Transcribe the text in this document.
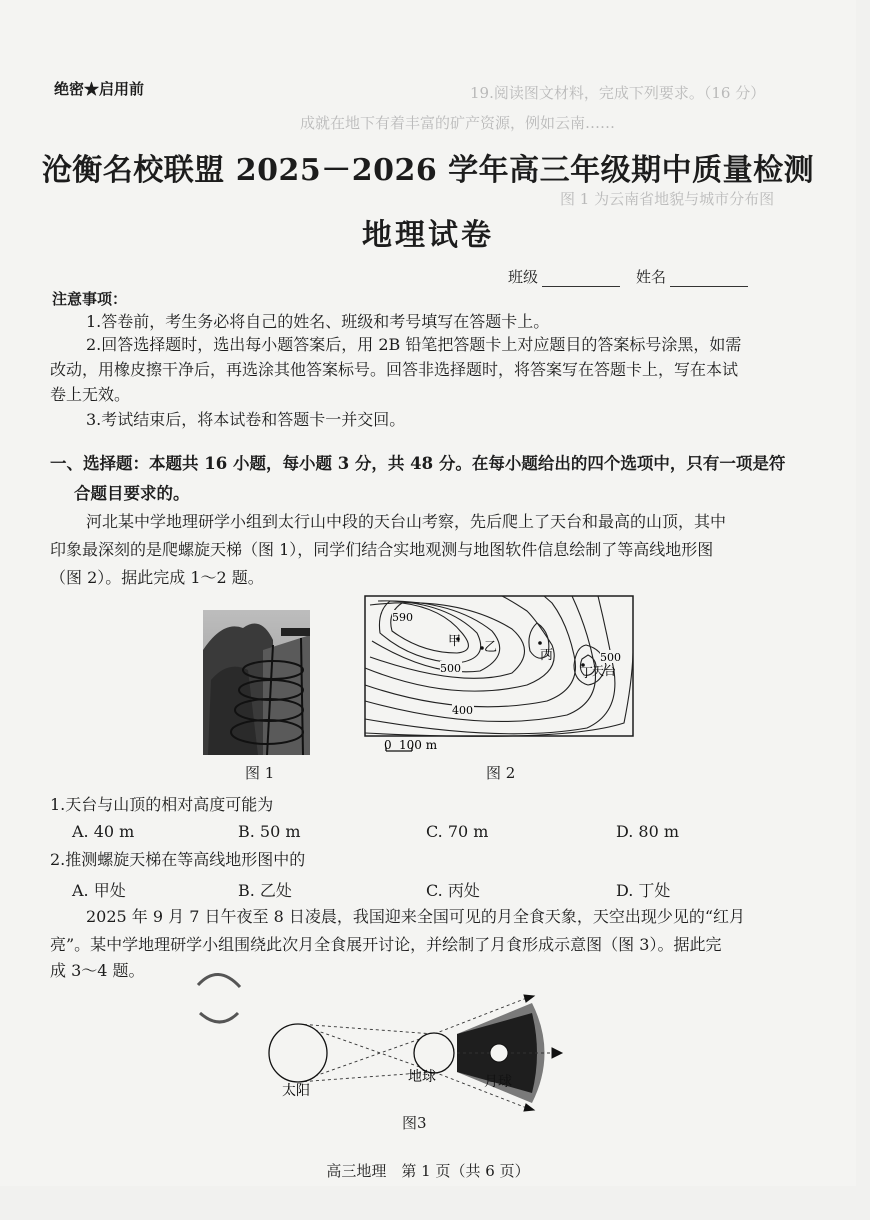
19.阅读图文材料，完成下列要求。（16 分）
成就在地下有着丰富的矿产资源，例如云南……
图 1 为云南省地貌与城市分布图
绝密★启用前
沧衡名校联盟 2025－2026 学年高三年级期中质量检测
地理试卷
班级	姓名
注意事项：
1.答卷前，考生务必将自己的姓名、班级和考号填写在答题卡上。
2.回答选择题时，选出每小题答案后，用 2B 铅笔把答题卡上对应题目的答案标号涂黑，如需
改动，用橡皮擦干净后，再选涂其他答案标号。回答非选择题时，将答案写在答题卡上，写在本试
卷上无效。
3.考试结束后，将本试卷和答题卡一并交回。
一、选择题：本题共 16 小题，每小题 3 分，共 48 分。在每小题给出的四个选项中，只有一项是符
合题目要求的。
河北某中学地理研学小组到太行山中段的天台山考察，先后爬上了天台和最高的山顶，其中
印象最深刻的是爬螺旋天梯（图 1），同学们结合实地观测与地图软件信息绘制了等高线地形图
（图 2）。据此完成 1～2 题。
图 1
590
500
500
400
甲 乙
丙
丁
天台
0 100 m
图 2
1.天台与山顶的相对高度可能为
A. 40 m	B. 50 m	C. 70 m	D. 80 m
2.推测螺旋天梯在等高线地形图中的
A. 甲处	B. 乙处	C. 丙处	D. 丁处
2025 年 9 月 7 日午夜至 8 日凌晨，我国迎来全国可见的月全食天象，天空出现少见的“红月
亮”。某中学地理研学小组围绕此次月全食展开讨论，并绘制了月食形成示意图（图 3）。据此完
成 3～4 题。
太阳
地球	月球
图3
高三地理　第 1 页（共 6 页）
